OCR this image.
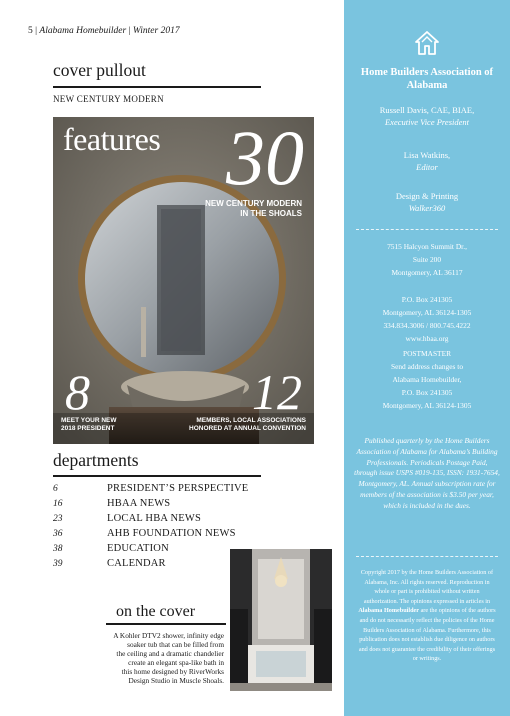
5 | Alabama Homebuilder | Winter 2017
cover pullout
NEW CENTURY MODERN
features 30
NEW CENTURY MODERN
IN THE SHOALS
8
MEET YOUR NEW
2018 PRESIDENT
12
MEMBERS, LOCAL ASSOCIATIONS
HONORED AT ANNUAL CONVENTION
departments
6	PRESIDENT’S PERSPECTIVE
16	HBAA NEWS
23	LOCAL HBA NEWS
36	AHB FOUNDATION NEWS
38	EDUCATION
39	CALENDAR
on the cover
A Kohler DTV2 shower, infinity edge
soaker tub that can be filled from
the ceiling and a dramatic chandelier
create an elegant spa-like bath in
this home designed by RiverWorks
Design Studio in Muscle Shoals.
Home Builders Association of Alabama
Russell Davis, CAE, BIAE,
Executive Vice President
Lisa Watkins,
Editor
Design & Printing
Walker360
7515 Halcyon Summit Dr.,
Suite 200
Montgomery, AL 36117
P.O. Box 241305
Montgomery, AL 36124-1305
334.834.3006 / 800.745.4222
www.hbaa.org
POSTMASTER
Send address changes to
Alabama Homebuilder,
P.O. Box 241305
Montgomery, AL 36124-1305
Published quarterly by the Home Builders Association of Alabama for Alabama’s Building Professionals. Periodicals Postage Paid, through issue USPS #019-135, ISSN: 1931-7654, Montgomery, AL. Annual subscription rate for members of the association is $3.50 per year, which is included in the dues.
Copyright 2017 by the Home Builders Association of Alabama, Inc. All rights reserved. Reproduction in whole or part is prohibited without written authorization. The opinions expressed in articles in Alabama Homebuilder are the opinions of the authors and do not necessarily reflect the policies of the Home Builders Association of Alabama. Furthermore, this publication does not establish due diligence on authors and does not guarantee the credibility of their offerings or writings.
